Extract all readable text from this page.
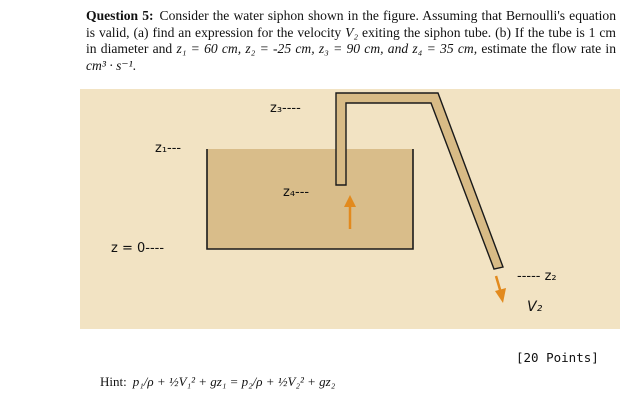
Question 5: Consider the water siphon shown in the figure. Assuming that Bernoulli's equation is valid, (a) find an expression for the velocity V₂ exiting the siphon tube. (b) If the tube is 1 cm in diameter and z₁ = 60 cm, z₂ = -25 cm, z₃ = 90 cm, and z₄ = 35 cm, estimate the flow rate in cm³ · s⁻¹.
z₃----
z₁---
z₄---
z = 0----
----- z₂
V₂
[20 Points]
Hint: p₁/ρ + ½V₁² + gz₁ = p₂/ρ + ½V₂² + gz₂
